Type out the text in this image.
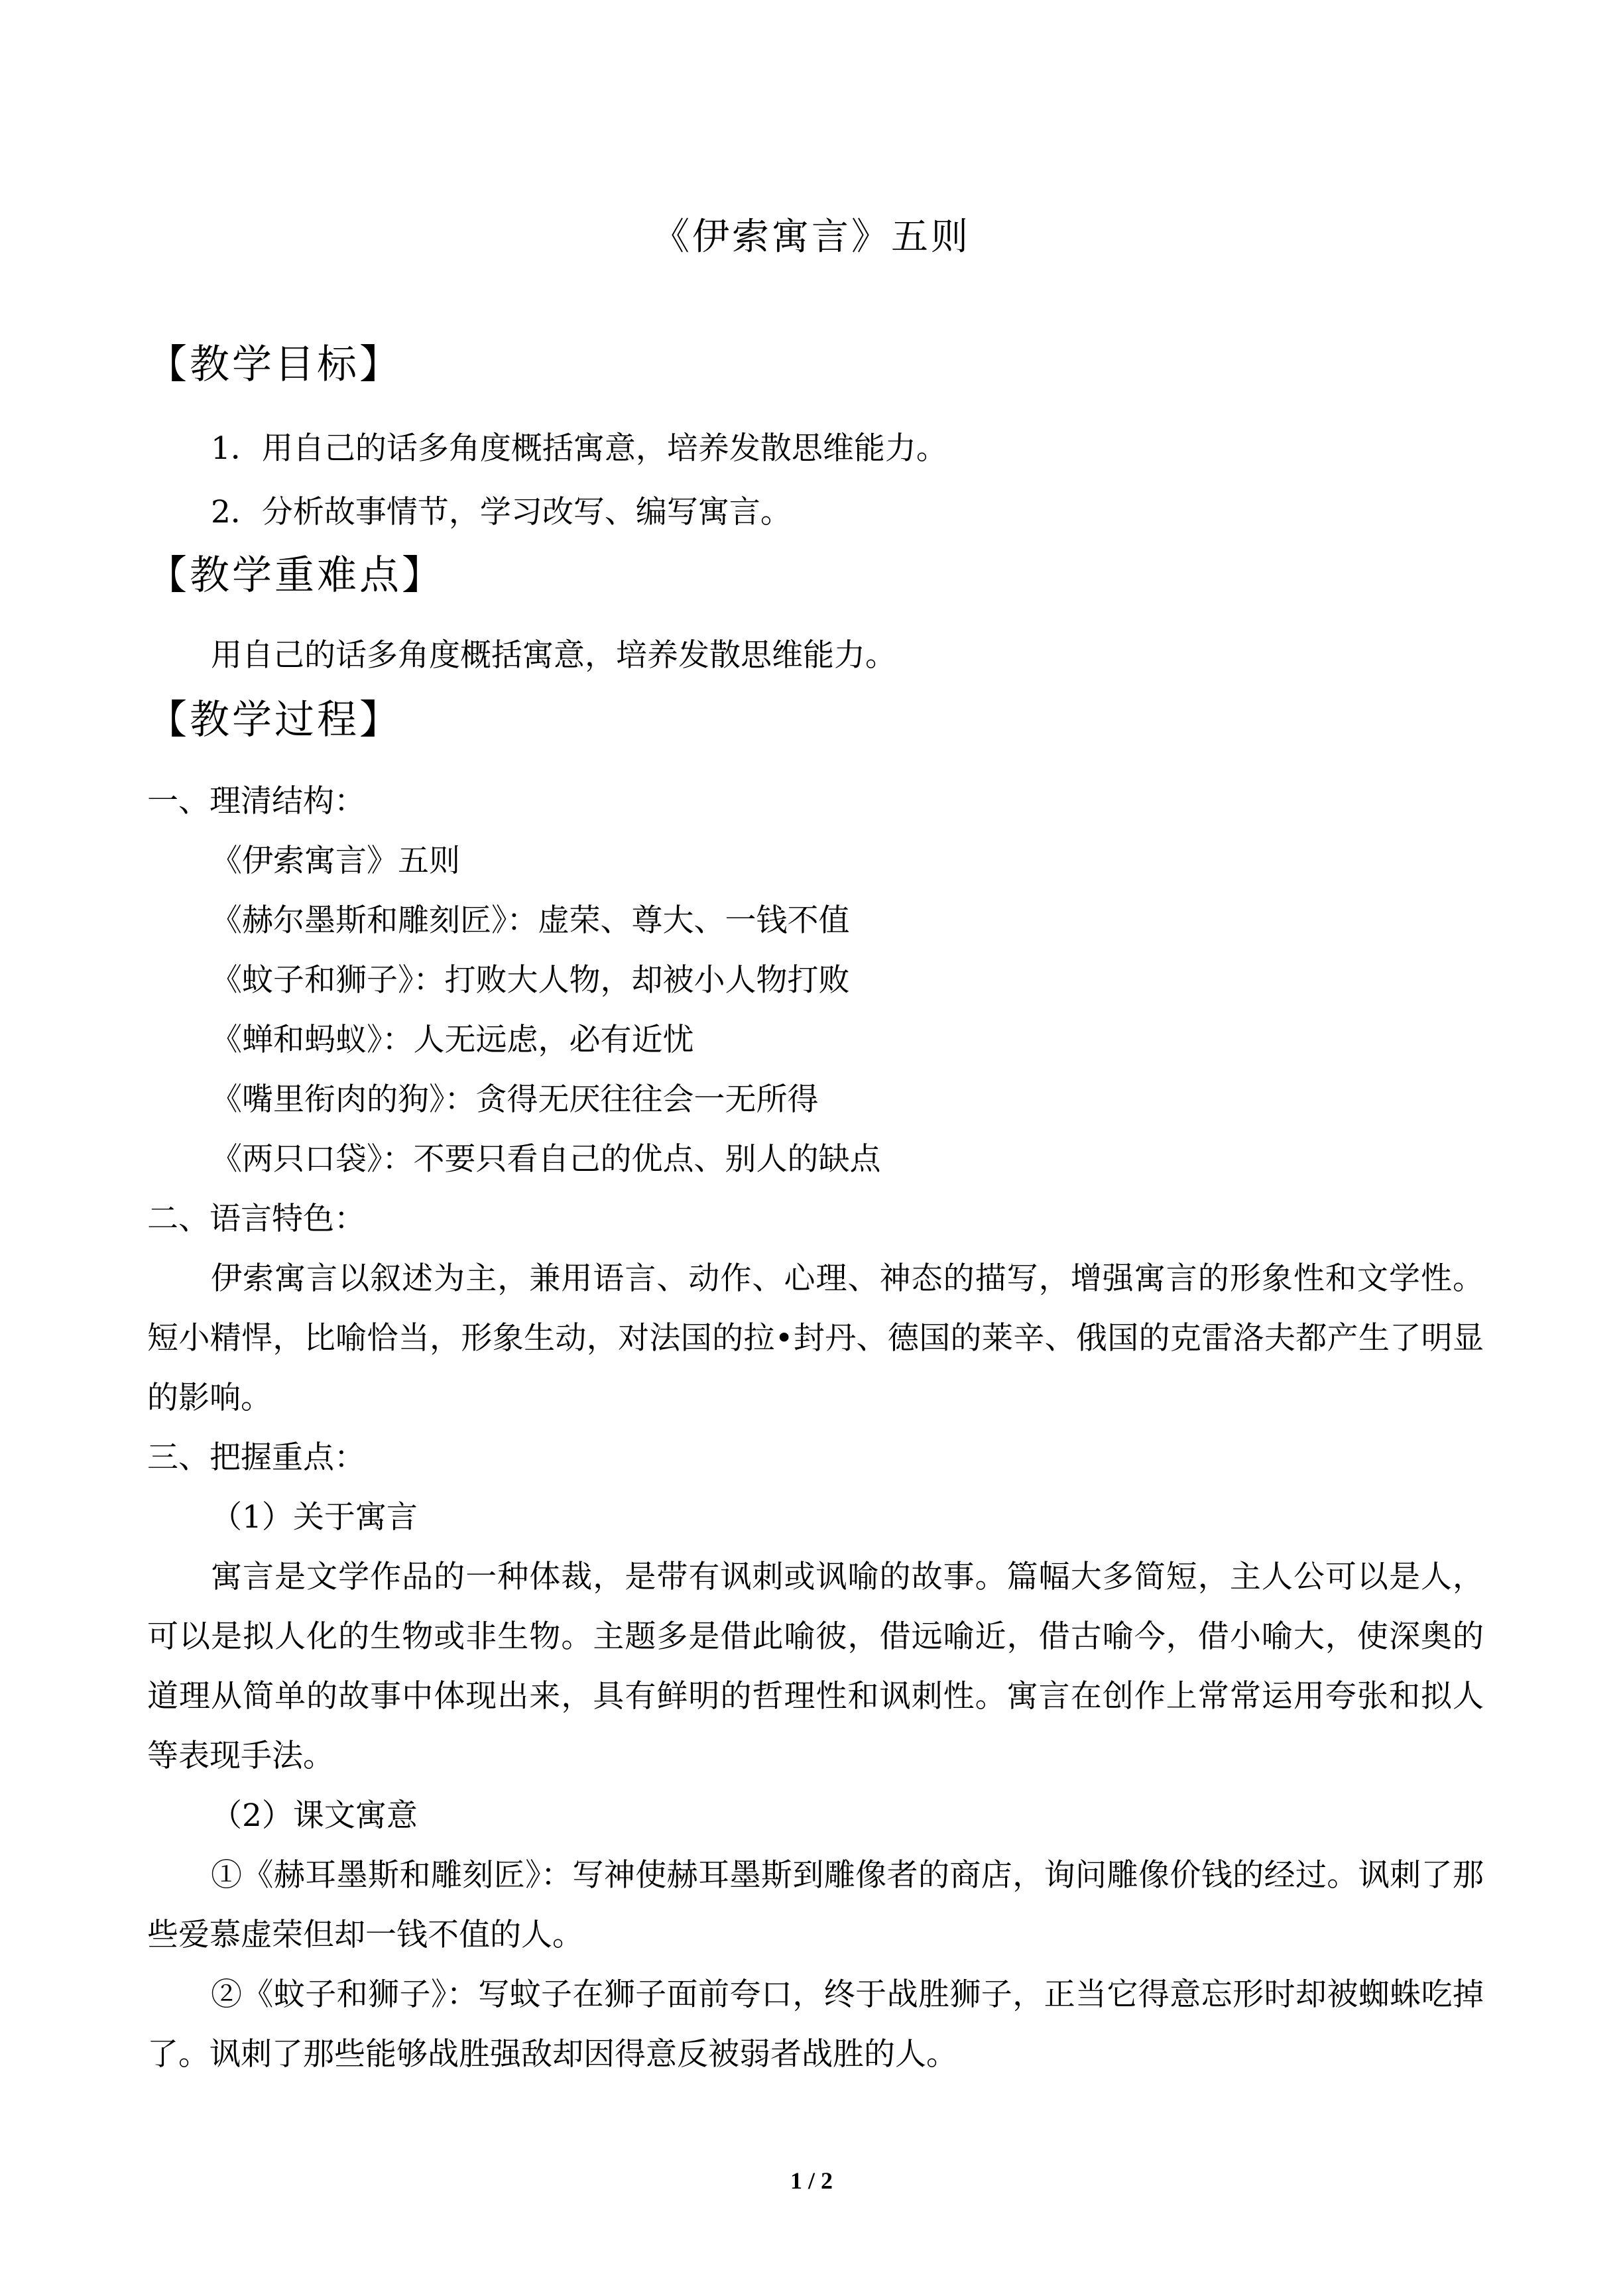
《伊索寓言》五则
【教学目标】

1．用自己的话多角度概括寓意，培养发散思维能力。

2．分析故事情节，学习改写、编写寓言。

【教学重难点】

用自己的话多角度概括寓意，培养发散思维能力。

【教学过程】

一、理清结构：

《伊索寓言》五则

《赫尔墨斯和雕刻匠》：虚荣、尊大、一钱不值

《蚊子和狮子》：打败大人物，却被小人物打败

《蝉和蚂蚁》：人无远虑，必有近忧

《嘴里衔肉的狗》：贪得无厌往往会一无所得

《两只口袋》：不要只看自己的优点、别人的缺点

二、语言特色：

伊索寓言以叙述为主，兼用语言、动作、心理、神态的描写，增强寓言的形象性和文学性。短小精悍，比喻恰当，形象生动，对法国的拉•封丹、德国的莱辛、俄国的克雷洛夫都产生了明显的影响。

三、把握重点：

（1）关于寓言

寓言是文学作品的一种体裁，是带有讽刺或讽喻的故事。篇幅大多简短，主人公可以是人，可以是拟人化的生物或非生物。主题多是借此喻彼，借远喻近，借古喻今，借小喻大，使深奥的道理从简单的故事中体现出来，具有鲜明的哲理性和讽刺性。寓言在创作上常常运用夸张和拟人等表现手法。

（2）课文寓意

①《赫耳墨斯和雕刻匠》：写神使赫耳墨斯到雕像者的商店，询问雕像价钱的经过。讽刺了那些爱慕虚荣但却一钱不值的人。

②《蚊子和狮子》：写蚊子在狮子面前夸口，终于战胜狮子，正当它得意忘形时却被蜘蛛吃掉了。讽刺了那些能够战胜强敌却因得意反被弱者战胜的人。

1 / 2
